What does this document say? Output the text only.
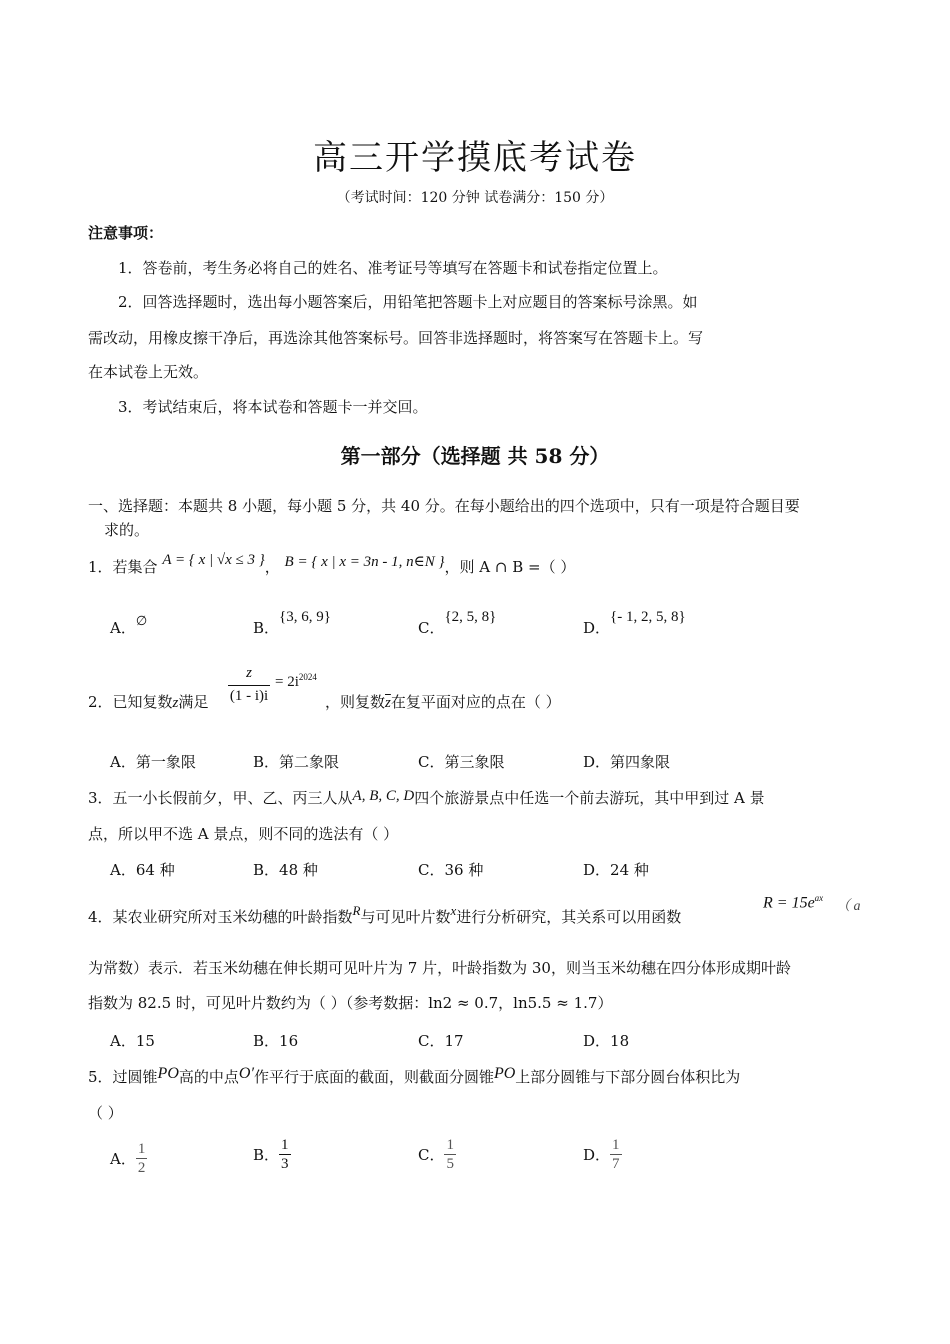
高三开学摸底考试卷
（考试时间：120 分钟 试卷满分：150 分）
注意事项：
1．答卷前，考生务必将自己的姓名、准考证号等填写在答题卡和试卷指定位置上。
2．回答选择题时，选出每小题答案后，用铅笔把答题卡上对应题目的答案标号涂黑。如
需改动，用橡皮擦干净后，再选涂其他答案标号。回答非选择题时，将答案写在答题卡上。写
在本试卷上无效。
3．考试结束后，将本试卷和答题卡一并交回。
第一部分（选择题 共 58 分）
一、选择题：本题共 8 小题，每小题 5 分，共 40 分。在每小题给出的四个选项中，只有一项是符合题目要
求的。
1．若集合 A = { x | √x ≤ 3 }， B = { x | x = 3n - 1, n∈N }，则 A ∩ B =（ ）
A．∅	B．{3, 6, 9}
C．{2, 5, 8}
D．{- 1, 2, 5, 8}
2．已知复数z满足
z
(1 - i)i
= $2i^{2024}$
，则复数$\overline{z}$在复平面对应的点在（ ）
A．第一象限	B．第二象限	C．第三象限	D．第四象限
3．五一小长假前夕，甲、乙、丙三人从A, B, C, D四个旅游景点中任选一个前去游玩，其中甲到过 A 景
点，所以甲不选 A 景点，则不同的选法有（ ）
A．64 种	B．48 种	C．36 种	D．24 种
4．某农业研究所对玉米幼穗的叶龄指数R与可见叶片数x进行分析研究，其关系可以用函数
$R = 15e^{ax}$
（ a
为常数）表示．若玉米幼穗在伸长期可见叶片为 7 片，叶龄指数为 30，则当玉米幼穗在四分体形成期叶龄
指数为 82.5 时，可见叶片数约为（ ）（参考数据：ln2 ≈ 0.7，ln5.5 ≈ 1.7）
A．15	B．16	C．17	D．18
5．过圆锥PO高的中点O′作平行于底面的截面，则截面分圆锥PO上部分圆锥与下部分圆台体积比为
（ ）
A． $\frac{1}{2}$	B． $\frac{1}{3}$	C． $\frac{1}{5}$	D． $\frac{1}{7}$
